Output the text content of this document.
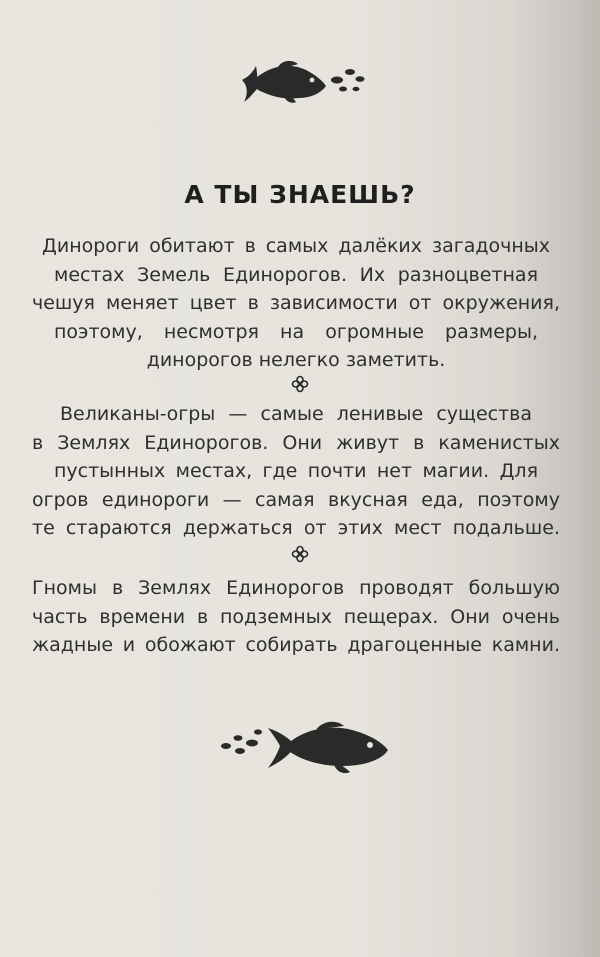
А ТЫ ЗНАЕШЬ?
Динороги обитают в самых далёких загадочных
местах Земель Единорогов. Их разноцветная
чешуя меняет цвет в зависимости от окружения,
поэтому, несмотря на огромные размеры,
динорогов нелегко заметить.
Великаны-огры — самые ленивые существа
в Землях Единорогов. Они живут в каменистых
пустынных местах, где почти нет магии. Для
огров единороги — самая вкусная еда, поэтому
те стараются держаться от этих мест подальше.
Гномы в Землях Единорогов проводят большую
часть времени в подземных пещерах. Они очень
жадные и обожают собирать драгоценные камни.
